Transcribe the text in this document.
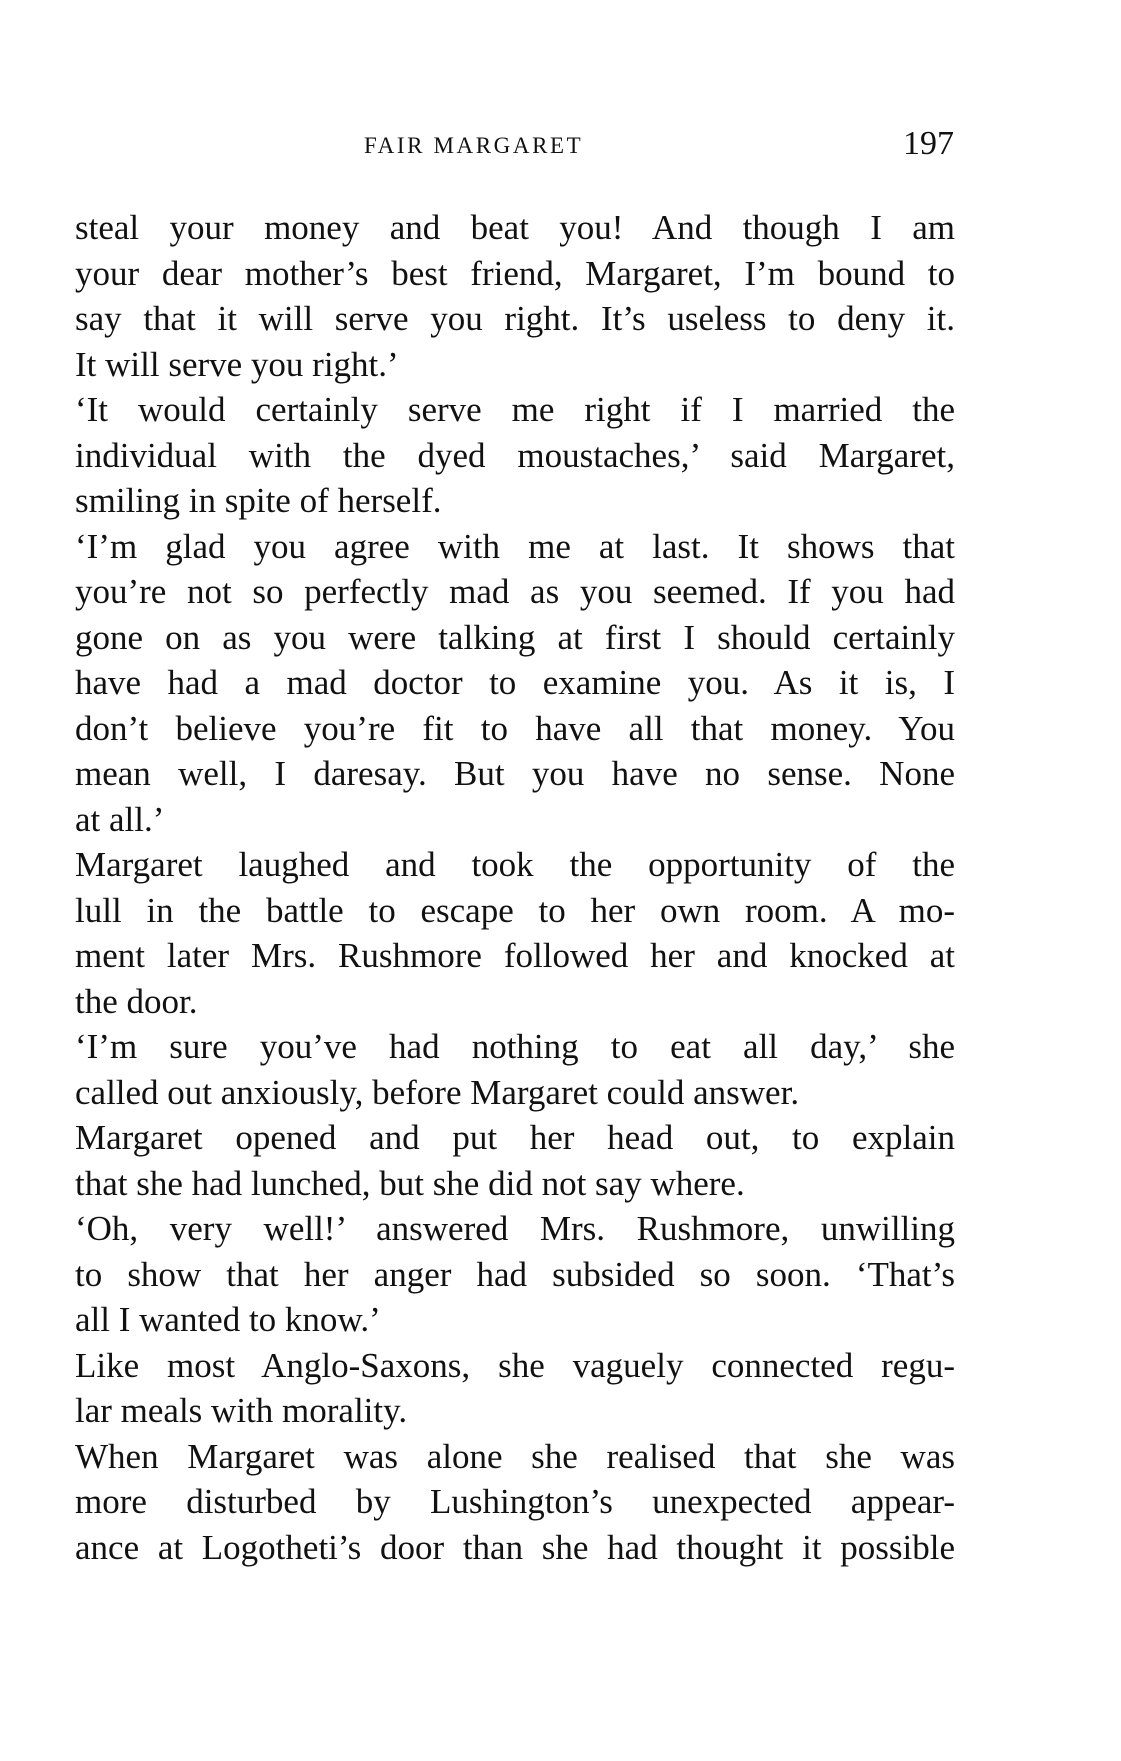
FAIR MARGARET	197
steal your money and beat you! And though I am
your dear mother’s best friend, Margaret, I’m bound to
say that it will serve you right. It’s useless to deny it.
It will serve you right.’
‘It would certainly serve me right if I married the
individual with the dyed moustaches,’ said Margaret,
smiling in spite of herself.
‘I’m glad you agree with me at last. It shows that
you’re not so perfectly mad as you seemed. If you had
gone on as you were talking at first I should certainly
have had a mad doctor to examine you. As it is, I
don’t believe you’re fit to have all that money. You
mean well, I daresay. But you have no sense. None
at all.’
Margaret laughed and took the opportunity of the
lull in the battle to escape to her own room. A mo-
ment later Mrs. Rushmore followed her and knocked at
the door.
‘I’m sure you’ve had nothing to eat all day,’ she
called out anxiously, before Margaret could answer.
Margaret opened and put her head out, to explain
that she had lunched, but she did not say where.
‘Oh, very well!’ answered Mrs. Rushmore, unwilling
to show that her anger had subsided so soon. ‘That’s
all I wanted to know.’
Like most Anglo-Saxons, she vaguely connected regu-
lar meals with morality.
When Margaret was alone she realised that she was
more disturbed by Lushington’s unexpected appear-
ance at Logotheti’s door than she had thought it possible
